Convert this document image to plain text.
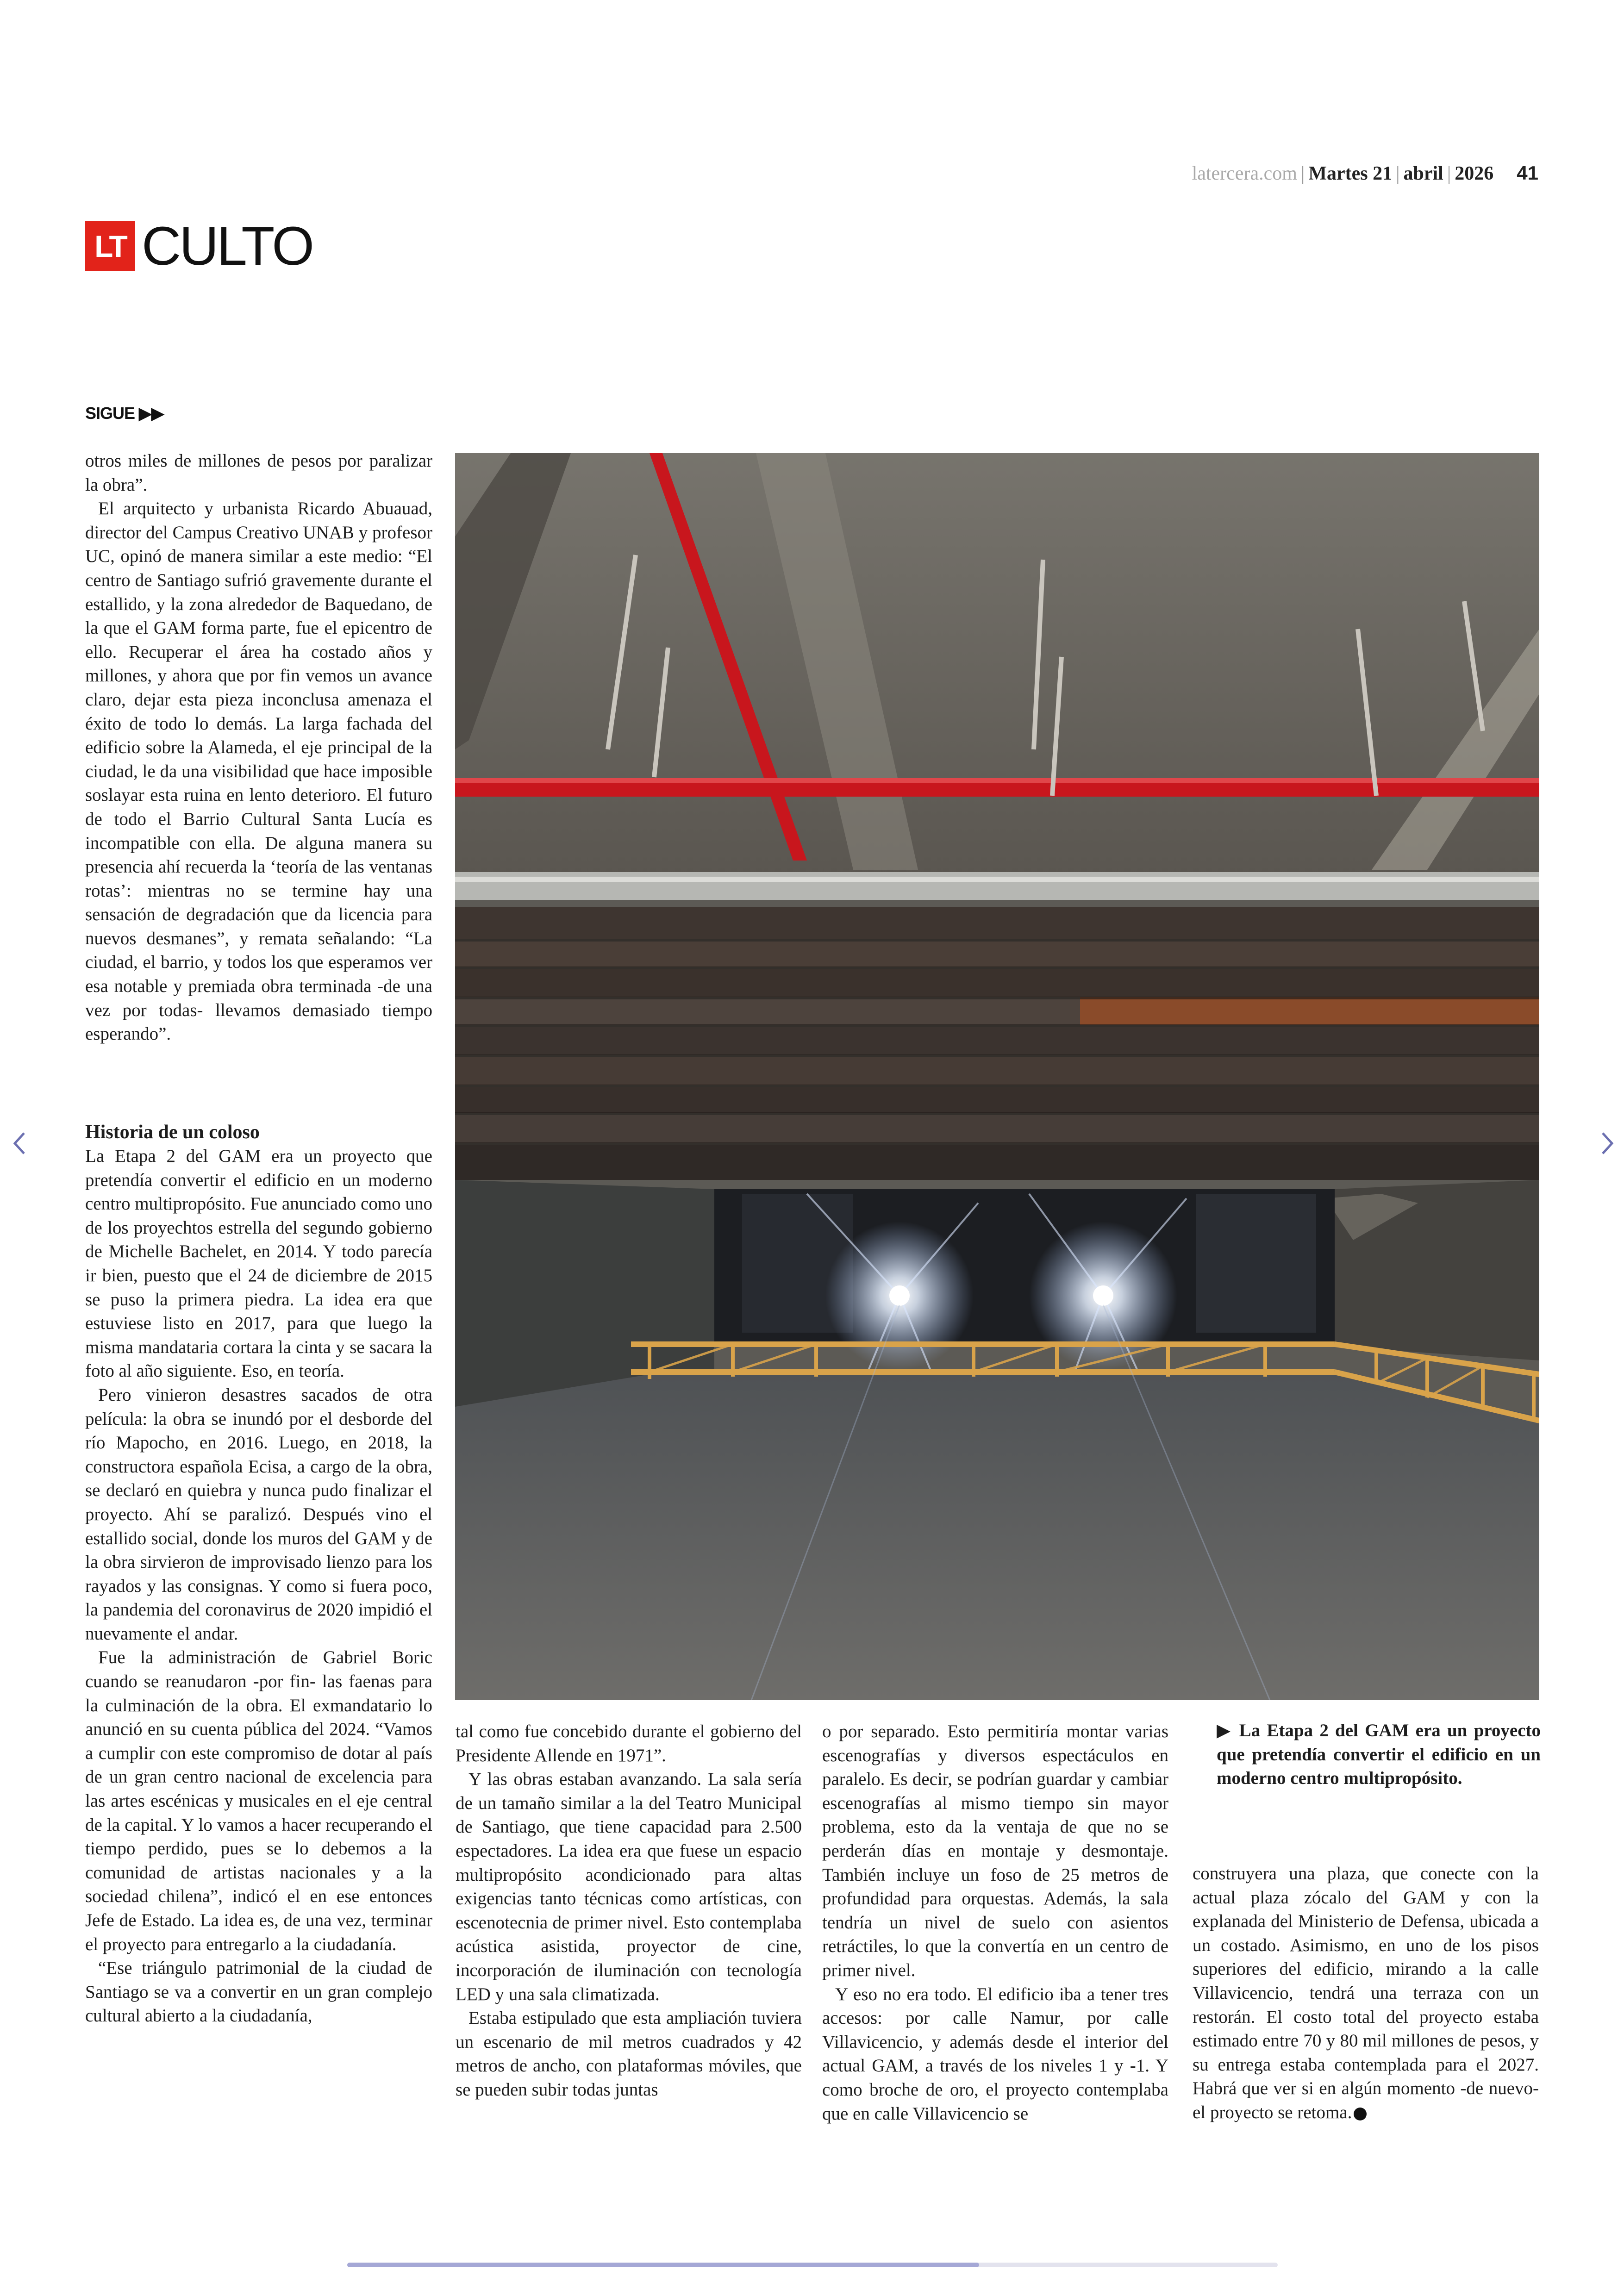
latercera.com | Martes 21 | abril | 2026 41
LT CULTO
SIGUE ▶▶

otros miles de millones de pesos por paralizar la obra”.

El arquitecto y urbanista Ricardo Abuauad, director del Campus Creativo UNAB y profesor UC, opinó de manera similar a este medio: “El centro de Santiago sufrió gravemente durante el estallido, y la zona alrededor de Baquedano, de la que el GAM forma parte, fue el epicentro de ello. Recuperar el área ha costado años y millones, y ahora que por fin vemos un avance claro, dejar esta pieza inconclusa amenaza el éxito de todo lo demás. La larga fachada del edificio sobre la Alameda, el eje principal de la ciudad, le da una visibilidad que hace imposible soslayar esta ruina en lento deterioro. El futuro de todo el Barrio Cultural Santa Lucía es incompatible con ella. De alguna manera su presencia ahí recuerda la ‘teoría de las ventanas rotas’: mientras no se termine hay una sensación de degradación que da licencia para nuevos desmanes”, y remata señalando: “La ciudad, el barrio, y todos los que esperamos ver esa notable y premiada obra terminada -de una vez por todas- llevamos demasiado tiempo esperando”.

Historia de un coloso

La Etapa 2 del GAM era un proyecto que pretendía convertir el edificio en un moderno centro multipropósito. Fue anunciado como uno de los proyechtos estrella del segundo gobierno de Michelle Bachelet, en 2014. Y todo parecía ir bien, puesto que el 24 de diciembre de 2015 se puso la primera piedra. La idea era que estuviese listo en 2017, para que luego la misma mandataria cortara la cinta y se sacara la foto al año siguiente. Eso, en teoría.

Pero vinieron desastres sacados de otra película: la obra se inundó por el desborde del río Mapocho, en 2016. Luego, en 2018, la constructora española Ecisa, a cargo de la obra, se declaró en quiebra y nunca pudo finalizar el proyecto. Ahí se paralizó. Después vino el estallido social, donde los muros del GAM y de la obra sirvieron de improvisado lienzo para los rayados y las consignas. Y como si fuera poco, la pandemia del coronavirus de 2020 impidió el nuevamente el andar.

Fue la administración de Gabriel Boric cuando se reanudaron -por fin- las faenas para la culminación de la obra. El exmandatario lo anunció en su cuenta pública del 2024. “Vamos a cumplir con este compromiso de dotar al país de un gran centro nacional de excelencia para las artes escénicas y musicales en el eje central de la capital. Y lo vamos a hacer recuperando el tiempo perdido, pues se lo debemos a la comunidad de artistas nacionales y a la sociedad chilena”, indicó el en ese entonces Jefe de Estado. La idea es, de una vez, terminar el proyecto para entregarlo a la ciudadanía.

“Ese triángulo patrimonial de la ciudad de Santiago se va a convertir en un gran complejo cultural abierto a la ciudadanía,

tal como fue concebido durante el gobierno del Presidente Allende en 1971”.

Y las obras estaban avanzando. La sala sería de un tamaño similar a la del Teatro Municipal de Santiago, que tiene capacidad para 2.500 espectadores. La idea era que fuese un espacio multipropósito acondicionado para altas exigencias tanto técnicas como artísticas, con escenotecnia de primer nivel. Esto contemplaba acústica asistida, proyector de cine, incorporación de iluminación con tecnología LED y una sala climatizada.

Estaba estipulado que esta ampliación tuviera un escenario de mil metros cuadrados y 42 metros de ancho, con plataformas móviles, que se pueden subir todas juntas

o por separado. Esto permitiría montar varias escenografías y diversos espectáculos en paralelo. Es decir, se podrían guardar y cambiar escenografías al mismo tiempo sin mayor problema, esto da la ventaja de que no se perderán días en montaje y desmontaje. También incluye un foso de 25 metros de profundidad para orquestas. Además, la sala tendría un nivel de suelo con asientos retráctiles, lo que la convertía en un centro de primer nivel.

Y eso no era todo. El edificio iba a tener tres accesos: por calle Namur, por calle Villavicencio, y además desde el interior del actual GAM, a través de los niveles 1 y -1. Y como broche de oro, el proyecto contemplaba que en calle Villavicencio se

▶ La Etapa 2 del GAM era un proyecto que pretendía convertir el edificio en un moderno centro multipropósito.

construyera una plaza, que conecte con la actual plaza zócalo del GAM y con la explanada del Ministerio de Defensa, ubicada a un costado. Asimismo, en uno de los pisos superiores del edificio, mirando a la calle Villavicencio, tendrá una terraza con un restorán. El costo total del proyecto estaba estimado entre 70 y 80 mil millones de pesos, y su entrega estaba contemplada para el 2027. Habrá que ver si en algún momento -de nuevo- el proyecto se retoma.
